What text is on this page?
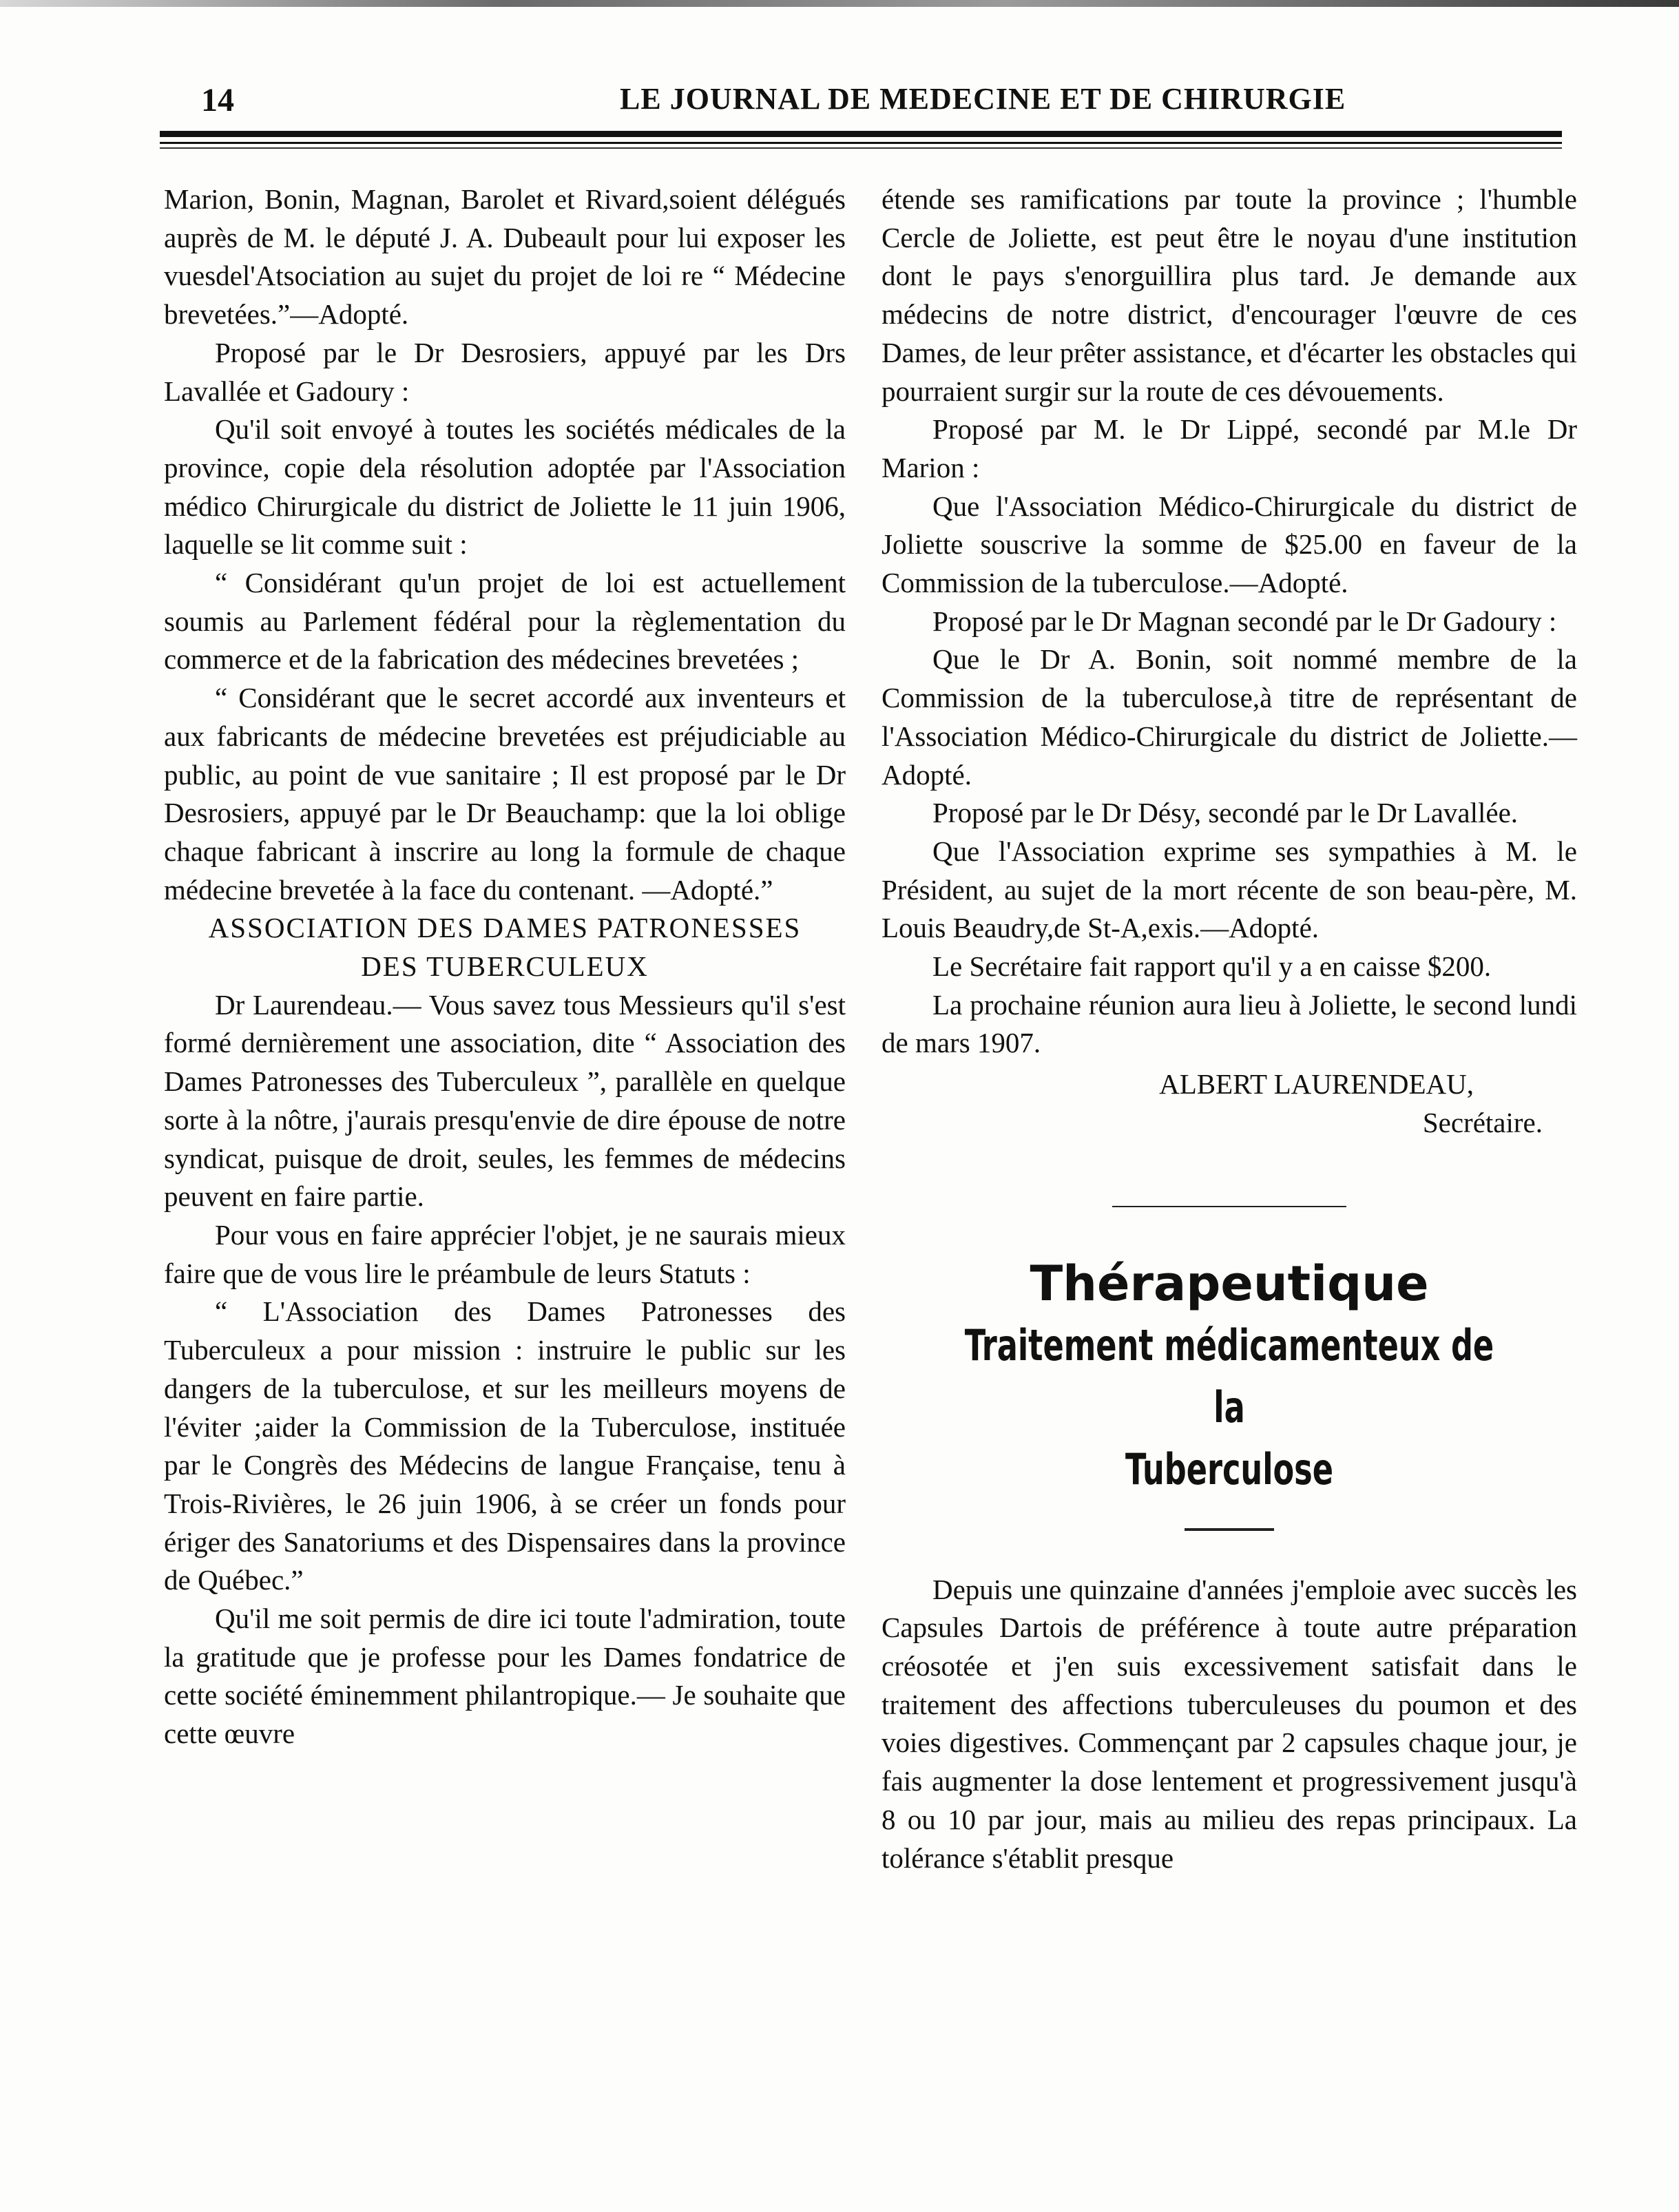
14	LE JOURNAL DE MEDECINE ET DE CHIRURGIE

Marion, Bonin, Magnan, Barolet et Rivard,soient délégués auprès de M. le député J. A. Dubeault pour lui exposer les vuesdel'Atsociation au sujet du projet de loi re “ Médecine brevetées.”—Adopté.

Proposé par le Dr Desrosiers, appuyé par les Drs Lavallée et Gadoury :

Qu'il soit envoyé à toutes les sociétés médicales de la province, copie dela résolution adoptée par l'Association médico Chirurgicale du district de Joliette le 11 juin 1906, laquelle se lit comme suit :

“ Considérant qu'un projet de loi est actuellement soumis au Parlement fédéral pour la règlementation du commerce et de la fabrication des médecines brevetées ;

“ Considérant que le secret accordé aux inventeurs et aux fabricants de médecine brevetées est préjudiciable au public, au point de vue sanitaire ; Il est proposé par le Dr Desrosiers, appuyé par le Dr Beauchamp: que la loi oblige chaque fabricant à inscrire au long la formule de chaque médecine brevetée à la face du contenant. —Adopté.”

ASSOCIATION DES DAMES PATRONESSES

DES TUBERCULEUX

Dr Laurendeau.— Vous savez tous Messieurs qu'il s'est formé dernièrement une association, dite “ Association des Dames Patronesses des Tuberculeux ”, parallèle en quelque sorte à la nôtre, j'aurais presqu'envie de dire épouse de notre syndicat, puisque de droit, seules, les femmes de médecins peuvent en faire partie.

Pour vous en faire apprécier l'objet, je ne saurais mieux faire que de vous lire le préambule de leurs Statuts :

“ L'Association des Dames Patronesses des Tuberculeux a pour mission : instruire le public sur les dangers de la tuberculose, et sur les meilleurs moyens de l'éviter ;aider la Commission de la Tuberculose, instituée par le Congrès des Médecins de langue Française, tenu à Trois-Rivières, le 26 juin 1906, à se créer un fonds pour ériger des Sanatoriums et des Dispensaires dans la province de Québec.”

Qu'il me soit permis de dire ici toute l'admiration, toute la gratitude que je professe pour les Dames fondatrice de cette société éminemment philantropique.— Je souhaite que cette œuvre

étende ses ramifications par toute la province ; l'humble Cercle de Joliette, est peut être le noyau d'une institution dont le pays s'enorguillira plus tard. Je demande aux médecins de notre district, d'encourager l'œuvre de ces Dames, de leur prêter assistance, et d'écarter les obstacles qui pourraient surgir sur la route de ces dévouements.

Proposé par M. le Dr Lippé, secondé par M.le Dr Marion :

Que l'Association Médico-Chirurgicale du district de Joliette souscrive la somme de $25.00 en faveur de la Commission de la tuberculose.—Adopté.

Proposé par le Dr Magnan secondé par le Dr Gadoury :

Que le Dr A. Bonin, soit nommé membre de la Commission de la tuberculose,à titre de représentant de l'Association Médico-Chirurgicale du district de Joliette.—Adopté.

Proposé par le Dr Désy, secondé par le Dr Lavallée.

Que l'Association exprime ses sympathies à M. le Président, au sujet de la mort récente de son beau-père, M. Louis Beaudry,de St-A,exis.—Adopté.

Le Secrétaire fait rapport qu'il y a en caisse $200.

La prochaine réunion aura lieu à Joliette, le second lundi de mars 1907.

ALBERT LAURENDEAU,

Secrétaire.

Thérapeutique

Traitement médicamenteux de la

Tuberculose

Depuis une quinzaine d'années j'emploie avec succès les Capsules Dartois de préférence à toute autre préparation créosotée et j'en suis excessivement satisfait dans le traitement des affections tuberculeuses du poumon et des voies digestives. Commençant par 2 capsules chaque jour, je fais augmenter la dose lentement et progressivement jusqu'à 8 ou 10 par jour, mais au milieu des repas principaux. La tolérance s'établit presque
